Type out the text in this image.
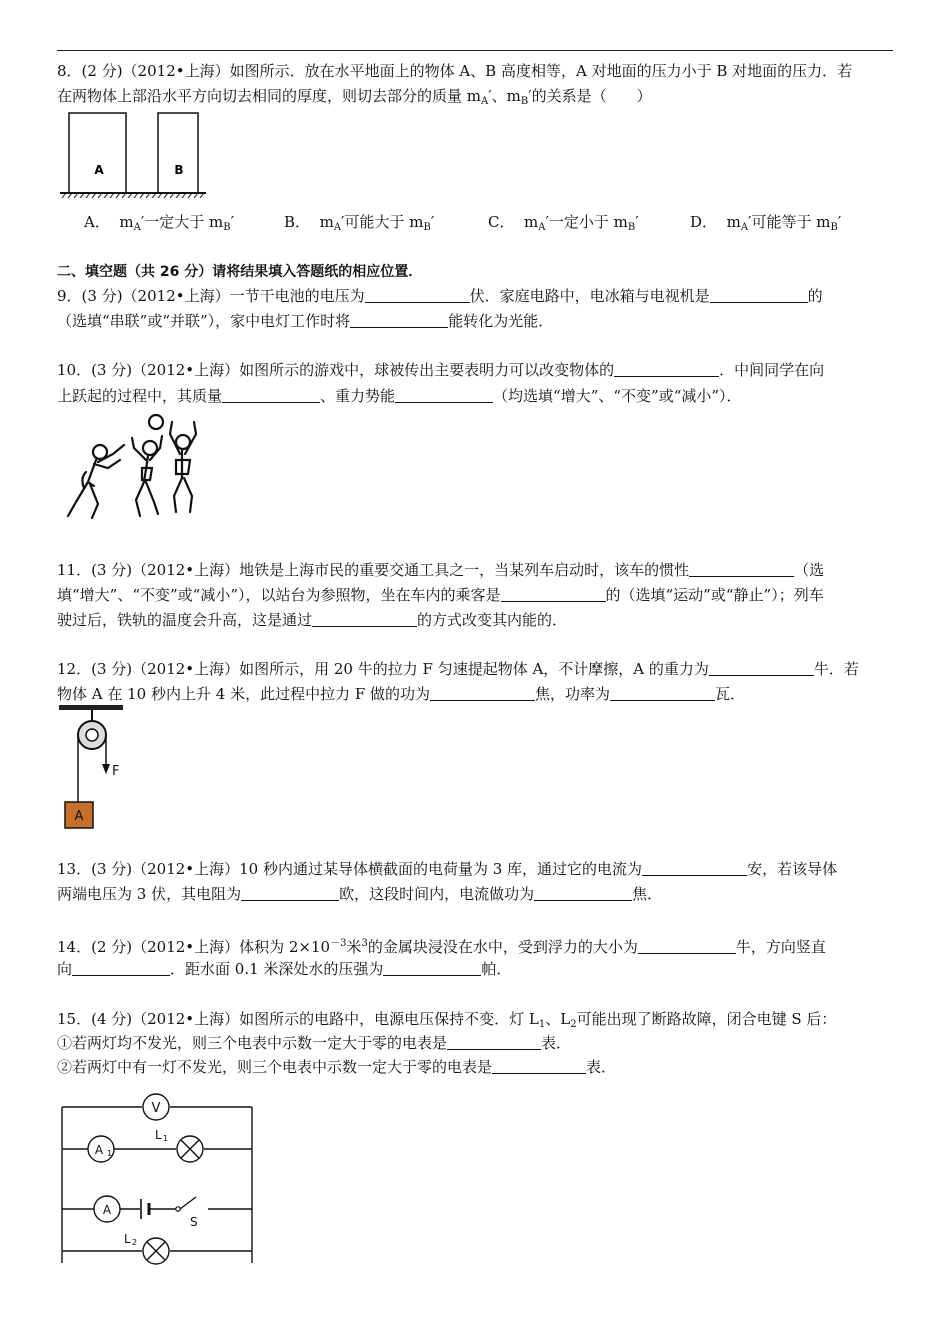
8．(2 分)（2012•上海）如图所示．放在水平地面上的物体 A、B 高度相等，A 对地面的压力小于 B 对地面的压力．若
在两物体上部沿水平方向切去相同的厚度，则切去部分的质量 $m_A'$、$m_B'$的关系是（　　）
A	B
A． $m_A'$一定大于 $m_B'$	B． $m_A'$可能大于 $m_B'$	C． $m_A'$一定小于 $m_B'$	D． $m_A'$可能等于 $m_B'$
二、填空题（共 26 分）请将结果填入答题纸的相应位置．
9．(3 分)（2012•上海）一节干电池的电压为	伏．家庭电路中，电冰箱与电视机是	的
（选填“串联”或“并联”），家中电灯工作时将	能转化为光能．
10．(3 分)（2012•上海）如图所示的游戏中，球被传出主要表明力可以改变物体的	．中间同学在向
上跃起的过程中，其质量	、重力势能	（均选填“增大”、“不变”或“减小”）．
11．(3 分)（2012•上海）地铁是上海市民的重要交通工具之一，当某列车启动时，该车的惯性	（选
填“增大”、“不变”或“减小”），以站台为参照物，坐在车内的乘客是	的（选填“运动”或“静止”）；列车
驶过后，铁轨的温度会升高，这是通过	的方式改变其内能的．
12．(3 分)（2012•上海）如图所示，用 20 牛的拉力 F 匀速提起物体 A，不计摩擦，A 的重力为	牛．若
物体 A 在 10 秒内上升 4 米，此过程中拉力 F 做的功为	焦，功率为	瓦．
F
A
13．(3 分)（2012•上海）10 秒内通过某导体横截面的电荷量为 3 库，通过它的电流为	安，若该导体
两端电压为 3 伏，其电阻为	欧，这段时间内，电流做功为	焦．
14．(2 分)（2012•上海）体积为 $2\times 10^{-3}$米$^3$的金属块浸没在水中，受到浮力的大小为	牛，方向竖直
向	．距水面 0.1 米深处水的压强为	帕．
15．(4 分)（2012•上海）如图所示的电路中，电源电压保持不变．灯 $L_1$、$L_2$可能出现了断路故障，闭合电键 S 后：
①若两灯均不发光，则三个电表中示数一定大于零的电表是	表．
②若两灯中有一灯不发光，则三个电表中示数一定大于零的电表是	表．
V
A 1
L 1
A
S
L 2
